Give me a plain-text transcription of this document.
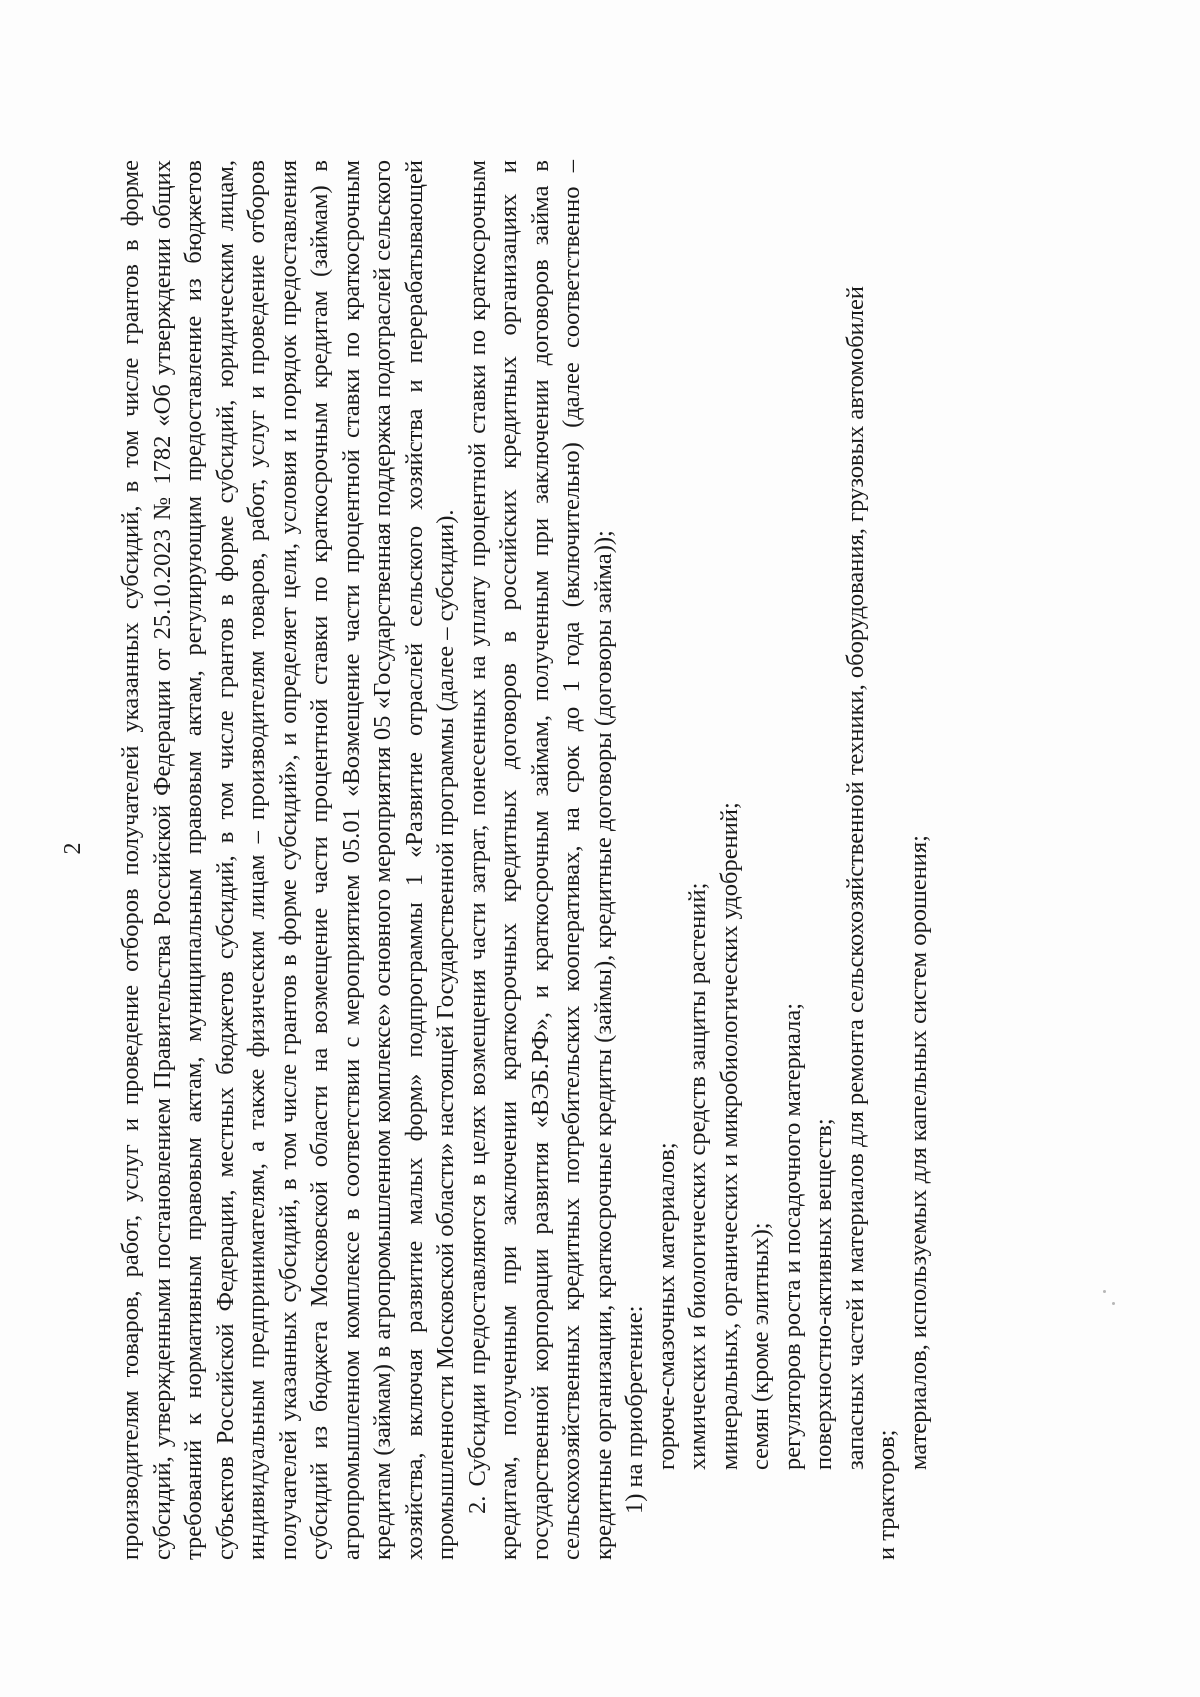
2 производителям товаров, работ, услуг и проведение отборов получателей указанных субсидий, в том числе грантов в форме субсидий, утвержденными постановлением Правительства Российской Федерации от 25.10.2023 № 1782 «Об утверждении общих требований к нормативным правовым актам, муниципальным правовым актам, регулирующим предоставление из бюджетов субъектов Российской Федерации, местных бюджетов субсидий, в том числе грантов в форме субсидий, юридическим лицам, индивидуальным предпринимателям, а также физическим лицам – производителям товаров, работ, услуг и проведение отборов получателей указанных субсидий, в том числе грантов в форме субсидий», и определяет цели, условия и порядок предоставления субсидий из бюджета Московской области на возмещение части процентной ставки по краткосрочным кредитам (займам) в агропромышленном комплексе в соответствии с мероприятием 05.01 «Возмещение части процентной ставки по краткосрочным кредитам (займам) в агропромышленном комплексе» основного мероприятия 05 «Государственная поддержка подотраслей сельского хозяйства, включая развитие малых форм» подпрограммы 1 «Развитие отраслей сельского хозяйства и перерабатывающей промышленности Московской области» настоящей Государственной программы (далее – субсидии). 2. Субсидии предоставляются в целях возмещения части затрат, понесенных на уплату процентной ставки по краткосрочным кредитам, полученным при заключении краткосрочных кредитных договоров в российских кредитных организациях и государственной корпорации развития «ВЭБ.РФ», и краткосрочным займам, полученным при заключении договоров займа в сельскохозяйственных кредитных потребительских кооперативах, на срок до 1 года (включительно) (далее соответственно – кредитные организации, краткосрочные кредиты (займы), кредитные договоры (договоры займа)); 1) на приобретение: горюче-смазочных материалов; химических и биологических средств защиты растений; минеральных, органических и микробиологических удобрений; семян (кроме элитных); регуляторов роста и посадочного материала; поверхностно-активных веществ; запасных частей и материалов для ремонта сельскохозяйственной техники, оборудования, грузовых автомобилей

и тракторов;

материалов, используемых для капельных систем орошения;
